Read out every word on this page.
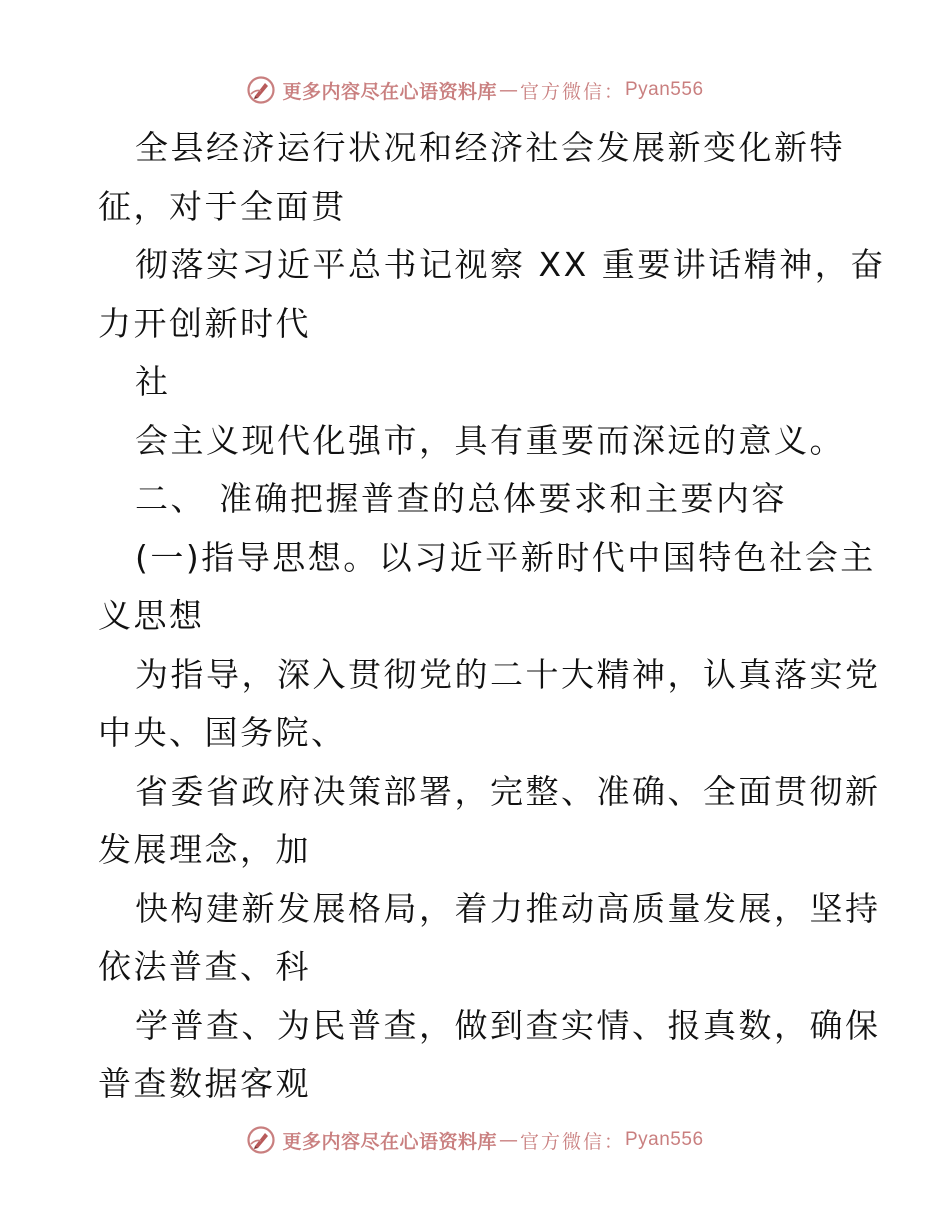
更多内容尽在心语资料库 — 官方微信： Pyan556
全县经济运行状况和经济社会发展新变化新特
征，对于全面贯
彻落实习近平总书记视察 XX 重要讲话精神，奋
力开创新时代
社
会主义现代化强市，具有重要而深远的意义。
二、 准确把握普查的总体要求和主要内容
(一)指导思想。以习近平新时代中国特色社会主
义思想
为指导，深入贯彻党的二十大精神，认真落实党
中央、国务院、
省委省政府决策部署，完整、准确、全面贯彻新
发展理念，加
快构建新发展格局，着力推动高质量发展，坚持
依法普查、科
学普查、为民普查，做到查实情、报真数，确保
普查数据客观
更多内容尽在心语资料库 — 官方微信： Pyan556
